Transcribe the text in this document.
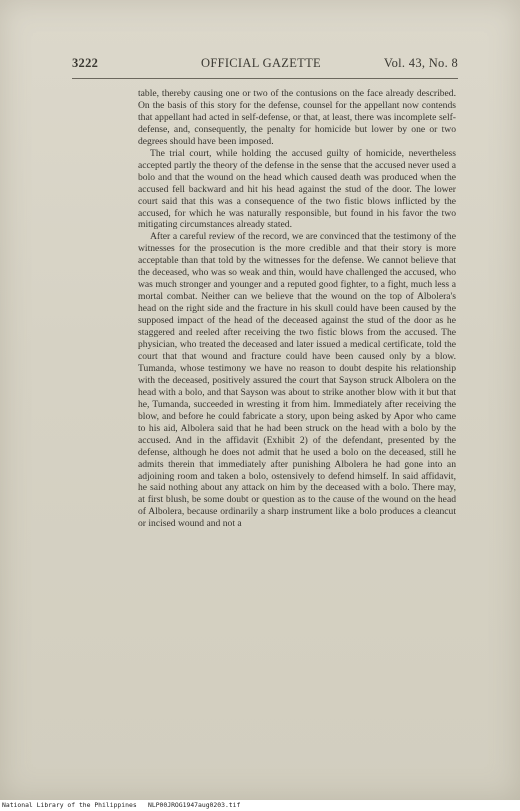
3222	OFFICIAL GAZETTE	Vol. 43, No. 8

table, thereby causing one or two of the contusions on the face already described. On the basis of this story for the defense, counsel for the appellant now contends that appellant had acted in self-defense, or that, at least, there was incomplete self-defense, and, consequently, the penalty for homicide but lower by one or two degrees should have been imposed.

The trial court, while holding the accused guilty of homicide, nevertheless accepted partly the theory of the defense in the sense that the accused never used a bolo and that the wound on the head which caused death was produced when the accused fell backward and hit his head against the stud of the door. The lower court said that this was a consequence of the two fistic blows inflicted by the accused, for which he was naturally responsible, but found in his favor the two mitigating circumstances already stated.

After a careful review of the record, we are convinced that the testimony of the witnesses for the prosecution is the more credible and that their story is more acceptable than that told by the witnesses for the defense. We cannot believe that the deceased, who was so weak and thin, would have challenged the accused, who was much stronger and younger and a reputed good fighter, to a fight, much less a mortal combat. Neither can we believe that the wound on the top of Albolera's head on the right side and the fracture in his skull could have been caused by the supposed impact of the head of the deceased against the stud of the door as he staggered and reeled after receiving the two fistic blows from the accused. The physician, who treated the deceased and later issued a medical certificate, told the court that that wound and fracture could have been caused only by a blow. Tumanda, whose testimony we have no reason to doubt despite his relationship with the deceased, positively assured the court that Sayson struck Albolera on the head with a bolo, and that Sayson was about to strike another blow with it but that he, Tumanda, succeeded in wresting it from him. Immediately after receiving the blow, and before he could fabricate a story, upon being asked by Apor who came to his aid, Albolera said that he had been struck on the head with a bolo by the accused. And in the affidavit (Exhibit 2) of the defendant, presented by the defense, although he does not admit that he used a bolo on the deceased, still he admits therein that immediately after punishing Albolera he had gone into an adjoining room and taken a bolo, ostensively to defend himself. In said affidavit, he said nothing about any attack on him by the deceased with a bolo. There may, at first blush, be some doubt or question as to the cause of the wound on the head of Albolera, because ordinarily a sharp instrument like a bolo produces a cleancut or incised wound and not a

National Library of the Philippines NLP00JROG1947aug0203.tif
